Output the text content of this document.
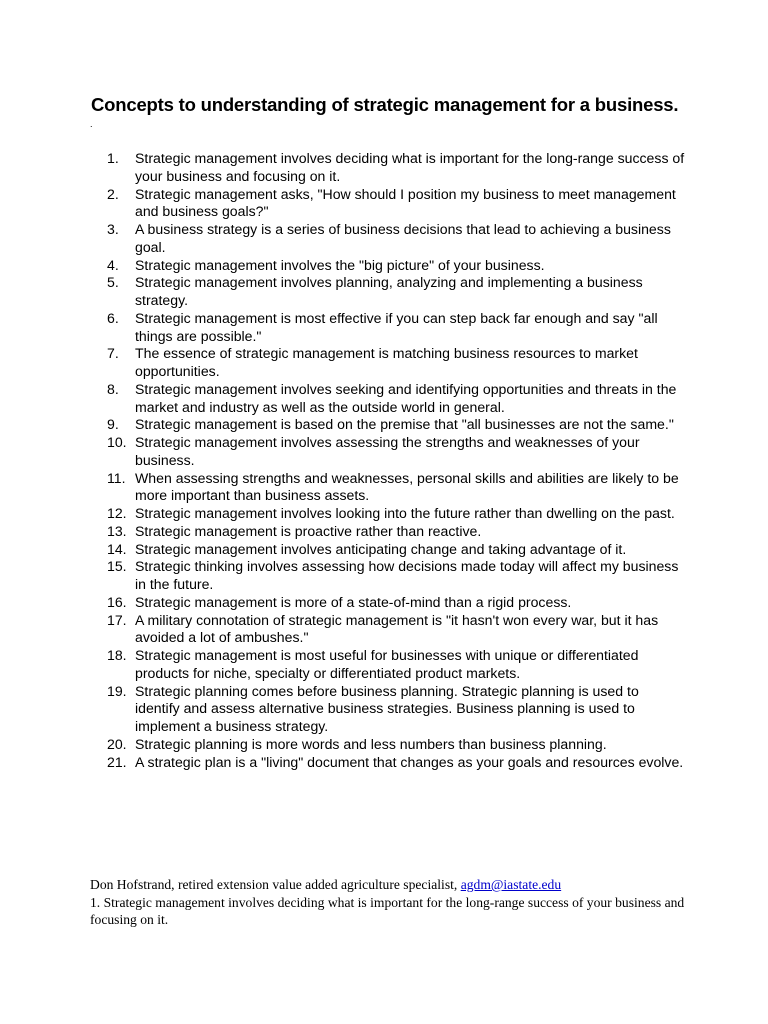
Concepts to understanding of strategic management for a business.
.
1.	Strategic management involves deciding what is important for the long-range success of your business and focusing on it.
2.	Strategic management asks, "How should I position my business to meet management and business goals?"
3.	A business strategy is a series of business decisions that lead to achieving a business goal.
4.	Strategic management involves the "big picture" of your business.
5.	Strategic management involves planning, analyzing and implementing a business strategy.
6.	Strategic management is most effective if you can step back far enough and say "all things are possible."
7.	The essence of strategic management is matching business resources to market opportunities.
8.	Strategic management involves seeking and identifying opportunities and threats in the market and industry as well as the outside world in general.
9.	Strategic management is based on the premise that "all businesses are not the same."
10. Strategic management involves assessing the strengths and weaknesses of your business.
11. When assessing strengths and weaknesses, personal skills and abilities are likely to be more important than business assets.
12. Strategic management involves looking into the future rather than dwelling on the past.
13. Strategic management is proactive rather than reactive.
14. Strategic management involves anticipating change and taking advantage of it.
15. Strategic thinking involves assessing how decisions made today will affect my business in the future.
16. Strategic management is more of a state-of-mind than a rigid process.
17. A military connotation of strategic management is "it hasn't won every war, but it has avoided a lot of ambushes."
18. Strategic management is most useful for businesses with unique or differentiated products for niche, specialty or differentiated product markets.
19. Strategic planning comes before business planning. Strategic planning is used to identify and assess alternative business strategies. Business planning is used to implement a business strategy.
20. Strategic planning is more words and less numbers than business planning.
21. A strategic plan is a "living" document that changes as your goals and resources evolve.

Don Hofstrand, retired extension value added agriculture specialist, agdm@iastate.edu

1. Strategic management involves deciding what is important for the long-range success of your business and focusing on it.
